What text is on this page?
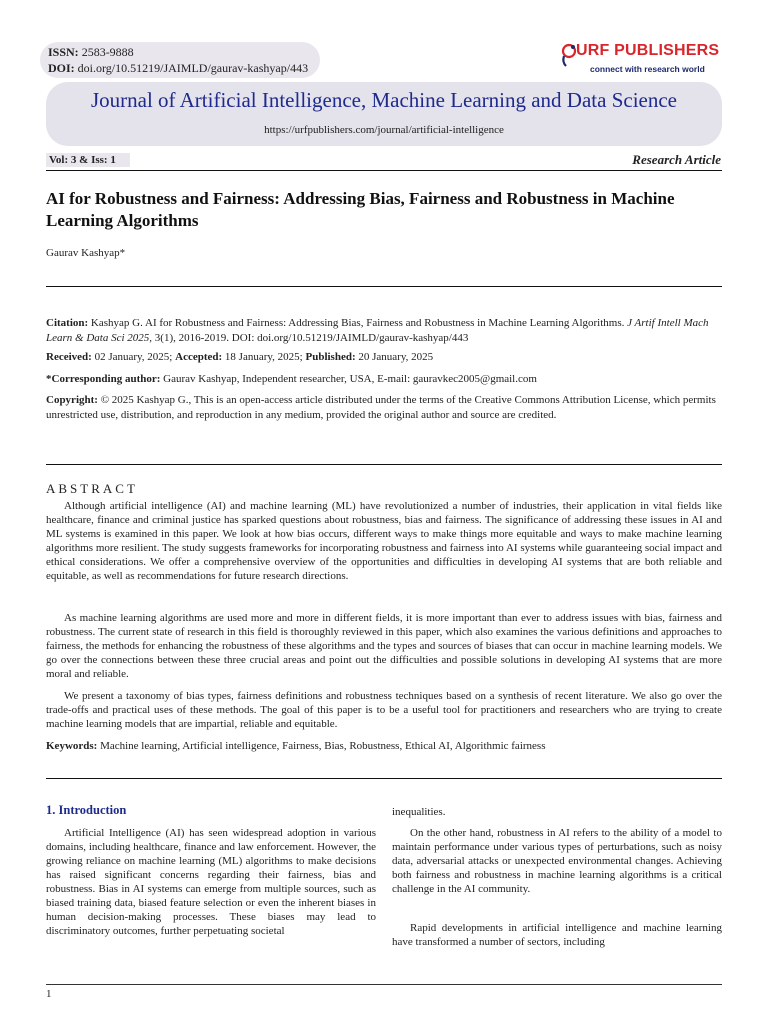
ISSN: 2583-9888
DOI: doi.org/10.51219/JAIMLD/gaurav-kashyap/443
URF PUBLISHERS
connect with research world
Journal of Artificial Intelligence, Machine Learning and Data Science
https://urfpublishers.com/journal/artificial-intelligence
Vol: 3 & Iss: 1	Research Article
AI for Robustness and Fairness: Addressing Bias, Fairness and Robustness in Machine Learning Algorithms
Gaurav Kashyap*
Citation: Kashyap G. AI for Robustness and Fairness: Addressing Bias, Fairness and Robustness in Machine Learning Algorithms. J Artif Intell Mach Learn & Data Sci 2025, 3(1), 2016-2019. DOI: doi.org/10.51219/JAIMLD/gaurav-kashyap/443
Received: 02 January, 2025; Accepted: 18 January, 2025; Published: 20 January, 2025
*Corresponding author: Gaurav Kashyap, Independent researcher, USA, E-mail: gauravkec2005@gmail.com
Copyright: © 2025 Kashyap G., This is an open-access article distributed under the terms of the Creative Commons Attribution License, which permits unrestricted use, distribution, and reproduction in any medium, provided the original author and source are credited.
ABSTRACT
Although artificial intelligence (AI) and machine learning (ML) have revolutionized a number of industries, their application in vital fields like healthcare, finance and criminal justice has sparked questions about robustness, bias and fairness. The significance of addressing these issues in AI and ML systems is examined in this paper. We look at how bias occurs, different ways to make things more equitable and ways to make machine learning algorithms more resilient. The study suggests frameworks for incorporating robustness and fairness into AI systems while guaranteeing social impact and ethical considerations. We offer a comprehensive overview of the opportunities and difficulties in developing AI systems that are both reliable and equitable, as well as recommendations for future research directions.
As machine learning algorithms are used more and more in different fields, it is more important than ever to address issues with bias, fairness and robustness. The current state of research in this field is thoroughly reviewed in this paper, which also examines the various definitions and approaches to fairness, the methods for enhancing the robustness of these algorithms and the types and sources of biases that can occur in machine learning models. We go over the connections between these three crucial areas and point out the difficulties and possible solutions in developing AI systems that are more moral and reliable.
We present a taxonomy of bias types, fairness definitions and robustness techniques based on a synthesis of recent literature. We also go over the trade-offs and practical uses of these methods. The goal of this paper is to be a useful tool for practitioners and researchers who are trying to create machine learning models that are impartial, reliable and equitable.
Keywords: Machine learning, Artificial intelligence, Fairness, Bias, Robustness, Ethical AI, Algorithmic fairness
1. Introduction
Artificial Intelligence (AI) has seen widespread adoption in various domains, including healthcare, finance and law enforcement. However, the growing reliance on machine learning (ML) algorithms to make decisions has raised significant concerns regarding their fairness, bias and robustness. Bias in AI systems can emerge from multiple sources, such as biased training data, biased feature selection or even the inherent biases in human decision-making processes. These biases may lead to discriminatory outcomes, further perpetuating societal
inequalities.
On the other hand, robustness in AI refers to the ability of a model to maintain performance under various types of perturbations, such as noisy data, adversarial attacks or unexpected environmental changes. Achieving both fairness and robustness in machine learning algorithms is a critical challenge in the AI community.
Rapid developments in artificial intelligence and machine learning have transformed a number of sectors, including
1
